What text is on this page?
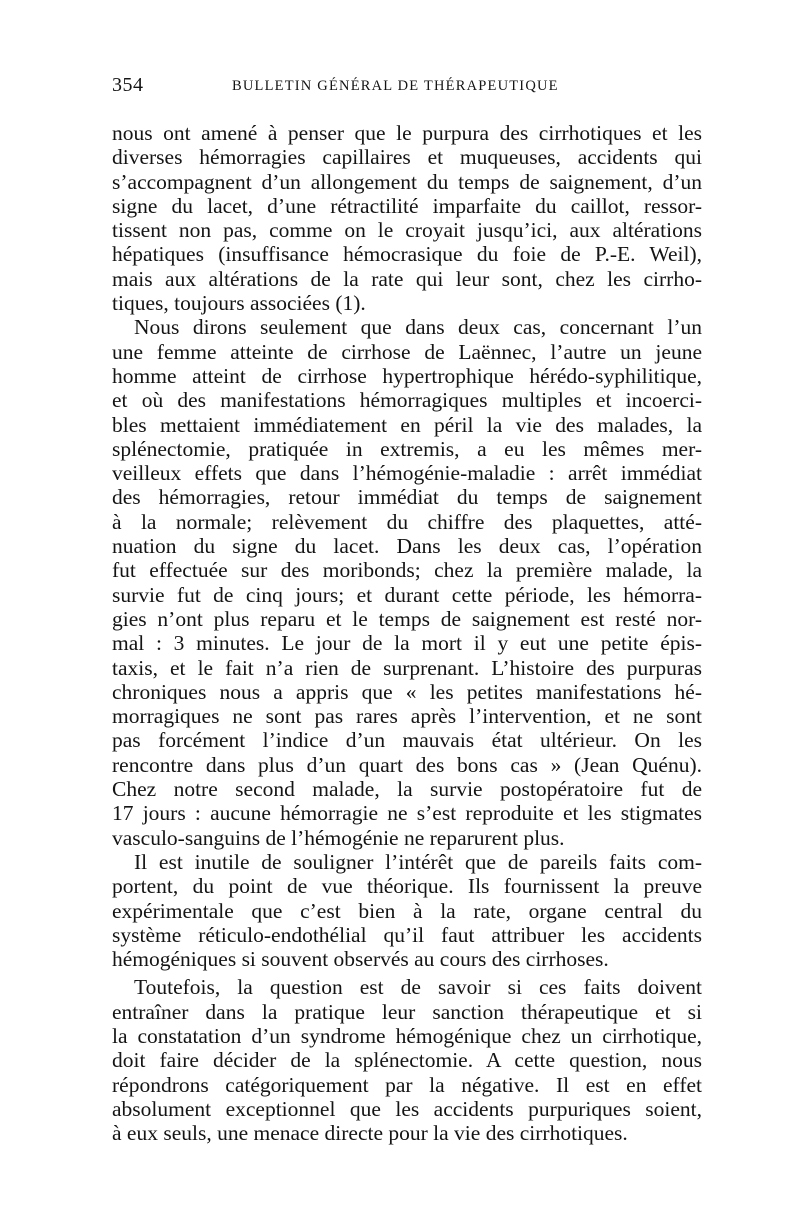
354	BULLETIN GÉNÉRAL DE THÉRAPEUTIQUE
nous ont amené à penser que le purpura des cirrhotiques et les
diverses hémorragies capillaires et muqueuses, accidents qui
s’accompagnent d’un allongement du temps de saignement, d’un
signe du lacet, d’une rétractilité imparfaite du caillot, ressor-
tissent non pas, comme on le croyait jusqu’ici, aux altérations
hépatiques (insuffisance hémocrasique du foie de P.-E. Weil),
mais aux altérations de la rate qui leur sont, chez les cirrho-
tiques, toujours associées (1).
Nous dirons seulement que dans deux cas, concernant l’un
une femme atteinte de cirrhose de Laënnec, l’autre un jeune
homme atteint de cirrhose hypertrophique hérédo-syphilitique,
et où des manifestations hémorragiques multiples et incoerci-
bles mettaient immédiatement en péril la vie des malades, la
splénectomie, pratiquée in extremis, a eu les mêmes mer-
veilleux effets que dans l’hémogénie-maladie : arrêt immédiat
des hémorragies, retour immédiat du temps de saignement
à la normale; relèvement du chiffre des plaquettes, atté-
nuation du signe du lacet. Dans les deux cas, l’opération
fut effectuée sur des moribonds; chez la première malade, la
survie fut de cinq jours; et durant cette période, les hémorra-
gies n’ont plus reparu et le temps de saignement est resté nor-
mal : 3 minutes. Le jour de la mort il y eut une petite épis-
taxis, et le fait n’a rien de surprenant. L’histoire des purpuras
chroniques nous a appris que « les petites manifestations hé-
morragiques ne sont pas rares après l’intervention, et ne sont
pas forcément l’indice d’un mauvais état ultérieur. On les
rencontre dans plus d’un quart des bons cas » (Jean Quénu).
Chez notre second malade, la survie postopératoire fut de
17 jours : aucune hémorragie ne s’est reproduite et les stigmates
vasculo-sanguins de l’hémogénie ne reparurent plus.
Il est inutile de souligner l’intérêt que de pareils faits com-
portent, du point de vue théorique. Ils fournissent la preuve
expérimentale que c’est bien à la rate, organe central du
système réticulo-endothélial qu’il faut attribuer les accidents
hémogéniques si souvent observés au cours des cirrhoses.
Toutefois, la question est de savoir si ces faits doivent
entraîner dans la pratique leur sanction thérapeutique et si
la constatation d’un syndrome hémogénique chez un cirrhotique,
doit faire décider de la splénectomie. A cette question, nous
répondrons catégoriquement par la négative. Il est en effet
absolument exceptionnel que les accidents purpuriques soient,
à eux seuls, une menace directe pour la vie des cirrhotiques.
